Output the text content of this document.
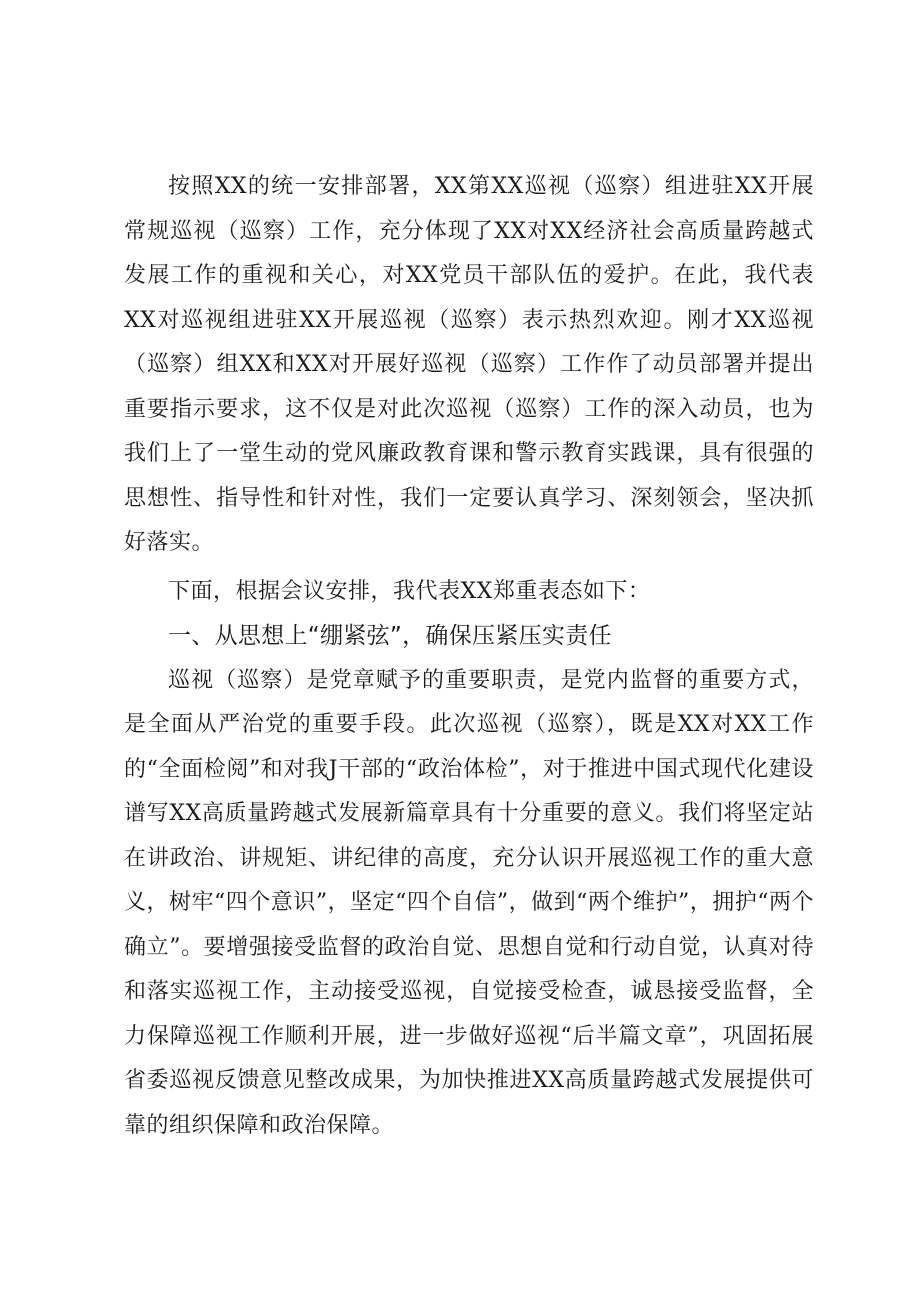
按照XX的统一安排部署，XX第XX巡视（巡察）组进驻XX开展常规巡视（巡察）工作，充分体现了XX对XX经济社会高质量跨越式发展工作的重视和关心，对XX党员干部队伍的爱护。在此，我代表XX对巡视组进驻XX开展巡视（巡察）表示热烈欢迎。刚才XX巡视（巡察）组XX和XX对开展好巡视（巡察）工作作了动员部署并提出重要指示要求，这不仅是对此次巡视（巡察）工作的深入动员，也为我们上了一堂生动的党风廉政教育课和警示教育实践课，具有很强的思想性、指导性和针对性，我们一定要认真学习、深刻领会，坚决抓好落实。

下面，根据会议安排，我代表XX郑重表态如下：

一、从思想上“绷紧弦”，确保压紧压实责任

巡视（巡察）是党章赋予的重要职责，是党内监督的重要方式，是全面从严治党的重要手段。此次巡视（巡察），既是XX对XX工作的“全面检阅”和对我J干部的“政治体检”，对于推进中国式现代化建设谱写XX高质量跨越式发展新篇章具有十分重要的意义。我们将坚定站在讲政治、讲规矩、讲纪律的高度，充分认识开展巡视工作的重大意义，树牢“四个意识”，坚定“四个自信”，做到“两个维护”，拥护“两个确立”。要增强接受监督的政治自觉、思想自觉和行动自觉，认真对待和落实巡视工作，主动接受巡视，自觉接受检查，诚恳接受监督，全力保障巡视工作顺利开展，进一步做好巡视“后半篇文章”，巩固拓展省委巡视反馈意见整改成果，为加快推进XX高质量跨越式发展提供可靠的组织保障和政治保障。
